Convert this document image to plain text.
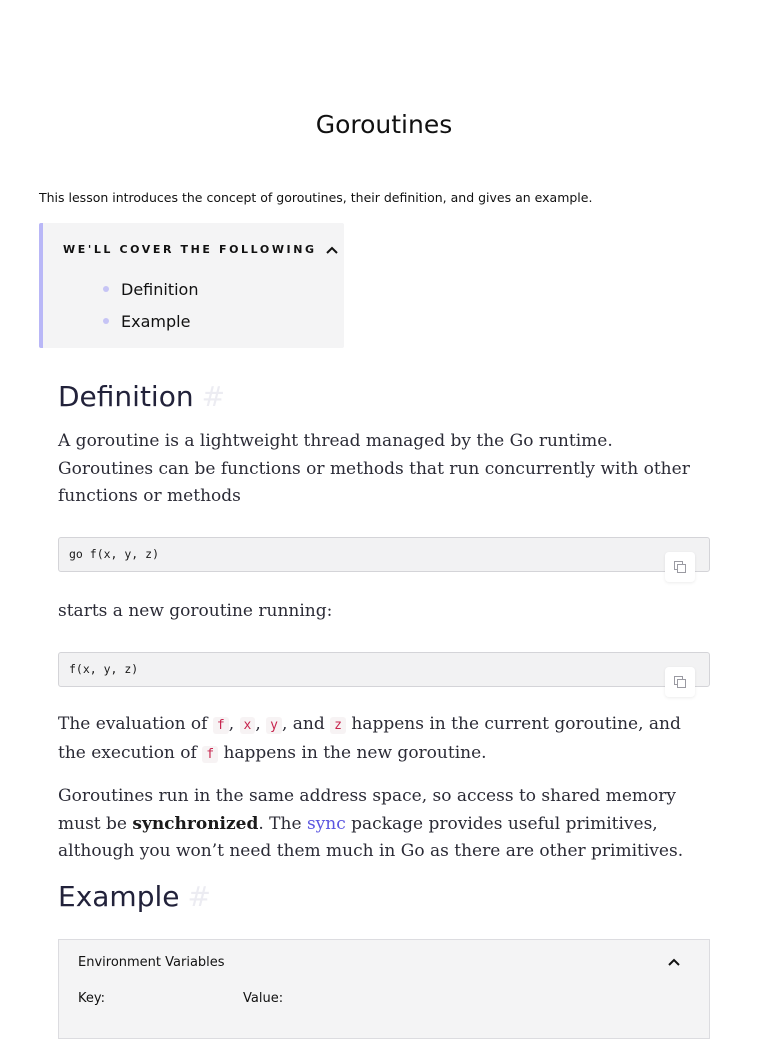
Goroutines

This lesson introduces the concept of goroutines, their definition, and gives an example.

WE'LL COVER THE FOLLOWING
Definition
Example
Definition #

A goroutine is a lightweight thread managed by the Go runtime. Goroutines can be functions or methods that run concurrently with other functions or methods

go f(x, y, z)

starts a new goroutine running:

f(x, y, z)

The evaluation of f , x , y , and z happens in the current goroutine, and the execution of f happens in the new goroutine.

Goroutines run in the same address space, so access to shared memory must be synchronized. The sync package provides useful primitives, although you won’t need them much in Go as there are other primitives.

Example #
Environment Variables
Key:	Value:
